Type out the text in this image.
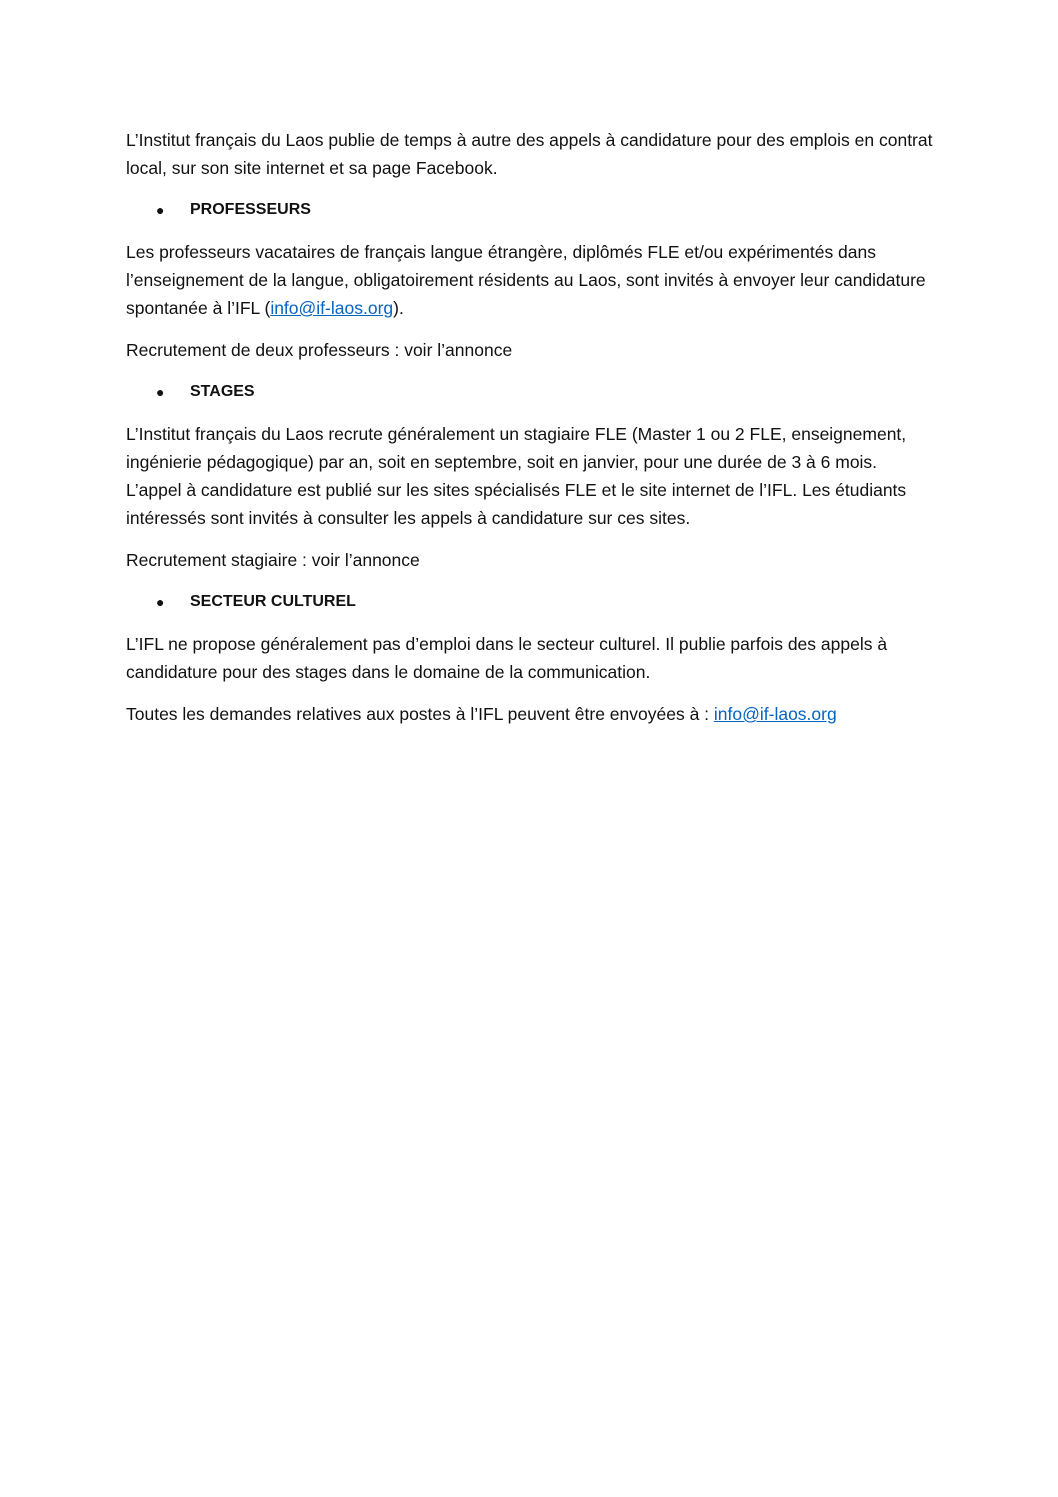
L’Institut français du Laos publie de temps à autre des appels à candidature pour des emplois en contrat local, sur son site internet et sa page Facebook.

●	PROFESSEURS

Les professeurs vacataires de français langue étrangère, diplômés FLE et/ou expérimentés dans l’enseignement de la langue, obligatoirement résidents au Laos, sont invités à envoyer leur candidature spontanée à l’IFL (info@if-laos.org).

Recrutement de deux professeurs : voir l’annonce

●	STAGES

L’Institut français du Laos recrute généralement un stagiaire FLE (Master 1 ou 2 FLE, enseignement, ingénierie pédagogique) par an, soit en septembre, soit en janvier, pour une durée de 3 à 6 mois. L’appel à candidature est publié sur les sites spécialisés FLE et le site internet de l’IFL. Les étudiants intéressés sont invités à consulter les appels à candidature sur ces sites.

Recrutement stagiaire : voir l’annonce

●	SECTEUR CULTUREL

L’IFL ne propose généralement pas d’emploi dans le secteur culturel. Il publie parfois des appels à candidature pour des stages dans le domaine de la communication.

Toutes les demandes relatives aux postes à l’IFL peuvent être envoyées à : info@if-laos.org
